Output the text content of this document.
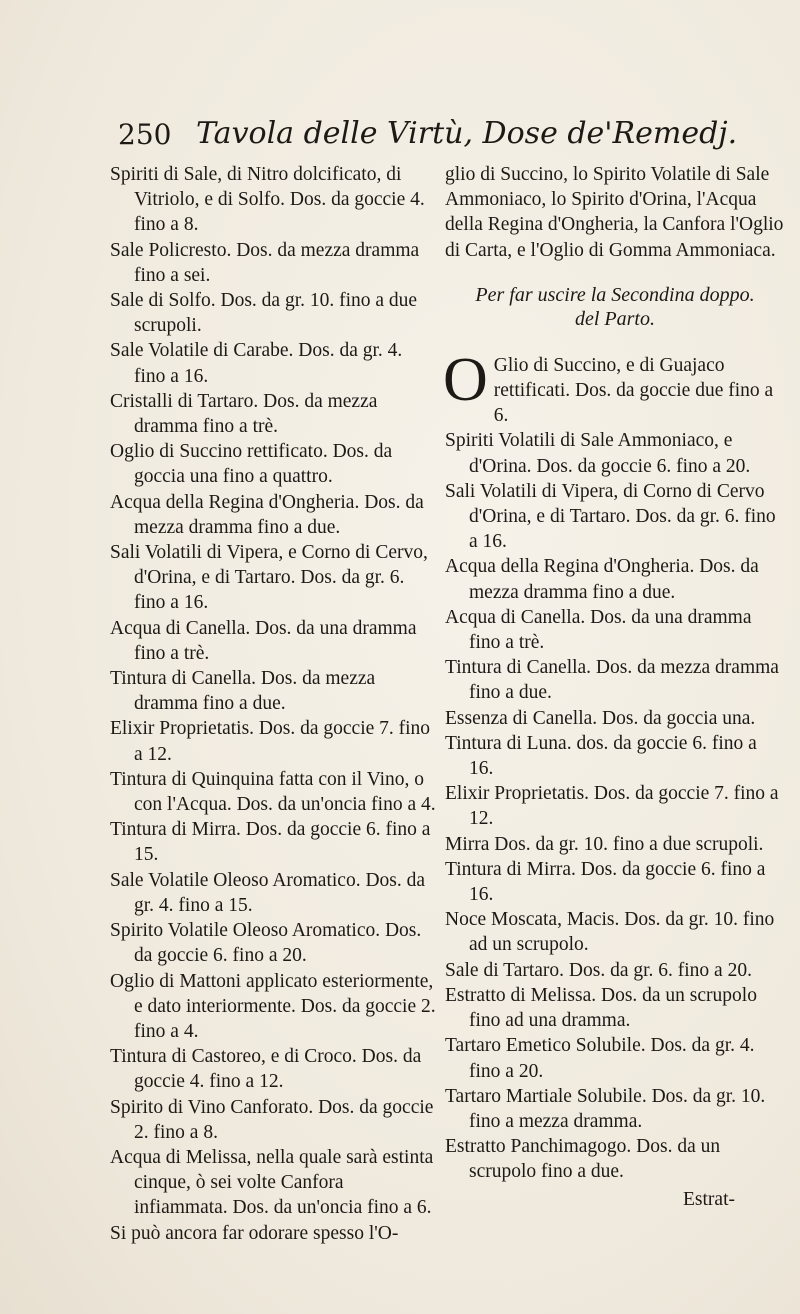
250 Tavola delle Virtù, Dose de'Remedj.

Spiriti di Sale, di Nitro dolcificato, di Vitriolo, e di Solfo. Dos. da goccie 4. fino a 8.

Sale Policresto. Dos. da mezza dramma fino a sei.

Sale di Solfo. Dos. da gr. 10. fino a due scrupoli.

Sale Volatile di Carabe. Dos. da gr. 4. fino a 16.

Cristalli di Tartaro. Dos. da mezza dramma fino a trè.

Oglio di Succino rettificato. Dos. da goccia una fino a quattro.

Acqua della Regina d'Ongheria. Dos. da mezza dramma fino a due.

Sali Volatili di Vipera, e Corno di Cervo, d'Orina, e di Tartaro. Dos. da gr. 6. fino a 16.

Acqua di Canella. Dos. da una dramma fino a trè.

Tintura di Canella. Dos. da mezza dramma fino a due.

Elixir Proprietatis. Dos. da goccie 7. fino a 12.

Tintura di Quinquina fatta con il Vino, o con l'Acqua. Dos. da un'oncia fino a 4.

Tintura di Mirra. Dos. da goccie 6. fino a 15.

Sale Volatile Oleoso Aromatico. Dos. da gr. 4. fino a 15.

Spirito Volatile Oleoso Aromatico. Dos. da goccie 6. fino a 20.

Oglio di Mattoni applicato esteriormente, e dato interiormente. Dos. da goccie 2. fino a 4.

Tintura di Castoreo, e di Croco. Dos. da goccie 4. fino a 12.

Spirito di Vino Canforato. Dos. da goccie 2. fino a 8.

Acqua di Melissa, nella quale sarà estinta cinque, ò sei volte Canfora infiammata. Dos. da un'oncia fino a 6.

Si può ancora far odorare spesso l'O-

glio di Succino, lo Spirito Volatile di Sale Ammoniaco, lo Spirito d'Orina, l'Acqua della Regina d'Ongheria, la Canfora l'Oglio di Carta, e l'Oglio di Gomma Ammoniaca.

Per far uscire la Secondina doppo.
del Parto.

O Glio di Succino, e di Guajaco rettificati. Dos. da goccie due fino a 6.

Spiriti Volatili di Sale Ammoniaco, e d'Orina. Dos. da goccie 6. fino a 20.

Sali Volatili di Vipera, di Corno di Cervo d'Orina, e di Tartaro. Dos. da gr. 6. fino a 16.

Acqua della Regina d'Ongheria. Dos. da mezza dramma fino a due.

Acqua di Canella. Dos. da una dramma fino a trè.

Tintura di Canella. Dos. da mezza dramma fino a due.

Essenza di Canella. Dos. da goccia una.

Tintura di Luna. dos. da goccie 6. fino a 16.

Elixir Proprietatis. Dos. da goccie 7. fino a 12.

Mirra Dos. da gr. 10. fino a due scrupoli.

Tintura di Mirra. Dos. da goccie 6. fino a 16.

Noce Moscata, Macis. Dos. da gr. 10. fino ad un scrupolo.

Sale di Tartaro. Dos. da gr. 6. fino a 20.

Estratto di Melissa. Dos. da un scrupolo fino ad una dramma.

Tartaro Emetico Solubile. Dos. da gr. 4. fino a 20.

Tartaro Martiale Solubile. Dos. da gr. 10. fino a mezza dramma.

Estratto Panchimagogo. Dos. da un scrupolo fino a due.

Estrat-
